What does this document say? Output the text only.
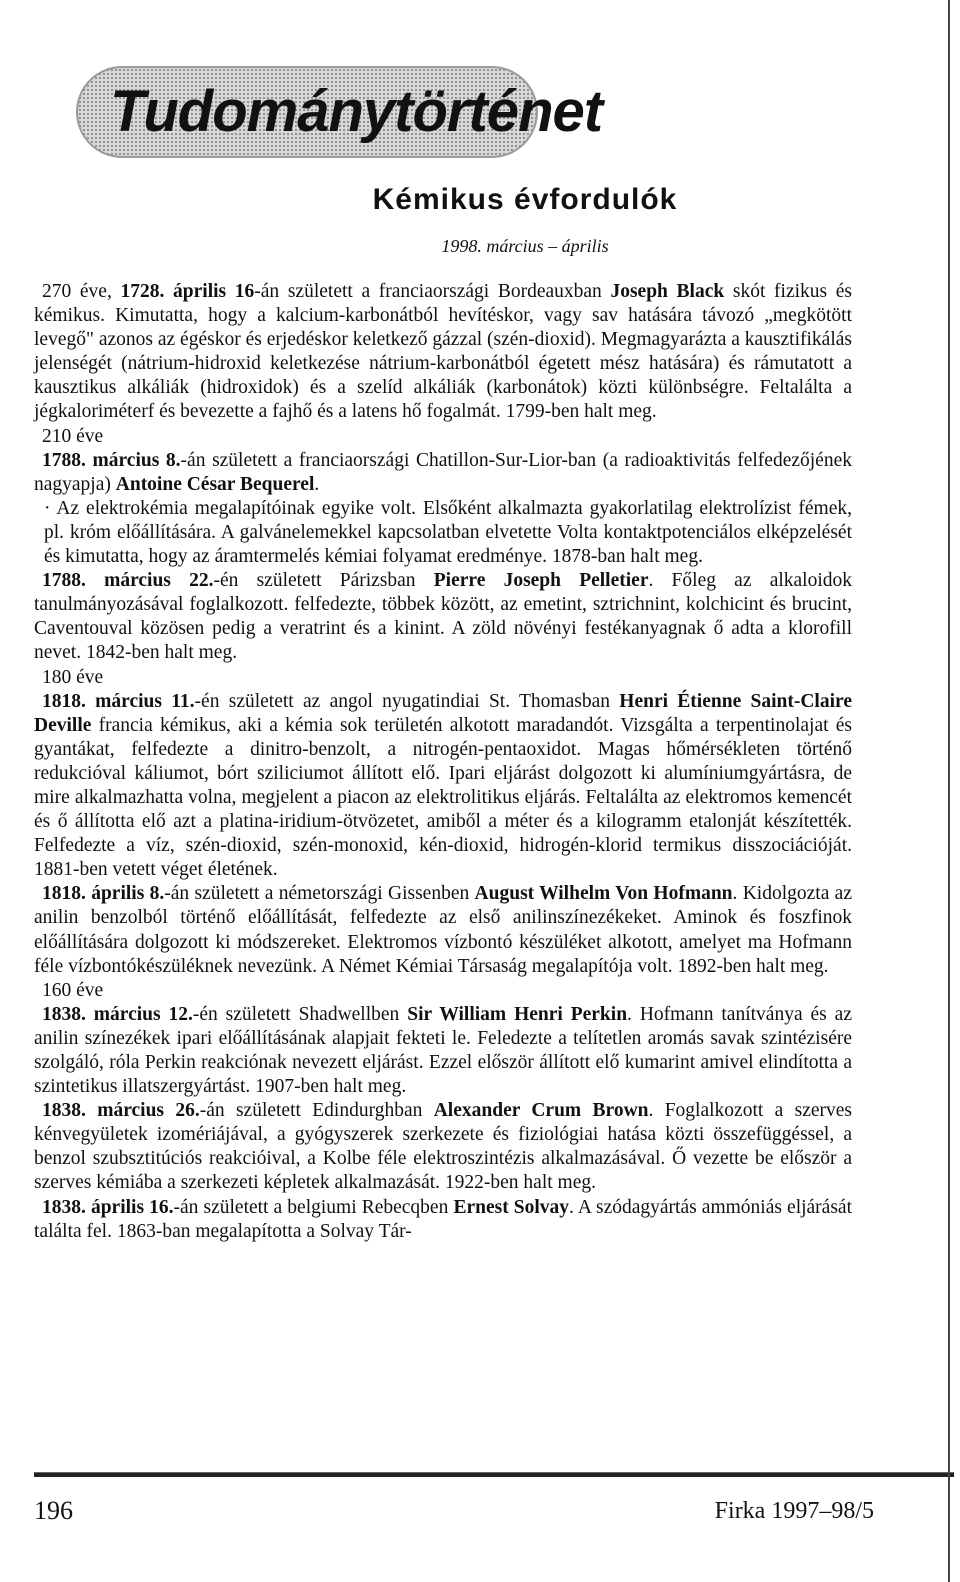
Tudománytörténet
Kémikus évfordulók
1998. március – április

270 éve, 1728. április 16-án született a franciaországi Bordeauxban Joseph Black skót fizikus és kémikus. Kimutatta, hogy a kalcium-karbonátból hevítéskor, vagy sav hatására távozó „megkötött levegő" azonos az égéskor és erjedéskor keletkező gázzal (szén-dioxid). Megmagyarázta a kausztifikálás jelenségét (nátrium-hidroxid keletkezése nátrium-karbonátból égetett mész hatására) és rámutatott a kausztikus alkáliák (hidroxidok) és a szelíd alkáliák (karbonátok) közti különbségre. Feltalálta a jégkaloriméterf és bevezette a fajhő és a latens hő fogalmát. 1799-ben halt meg.

210 éve

1788. március 8.-án született a franciaországi Chatillon-Sur-Lior-ban (a radioaktivitás felfedezőjének nagyapja) Antoine César Bequerel.

· Az elektrokémia megalapítóinak egyike volt. Elsőként alkalmazta gyakorlatilag elektrolízist fémek, pl. króm előállítására. A galvánelemekkel kapcsolatban elvetette Volta kontaktpotenciálos elképzelését és kimutatta, hogy az áramtermelés kémiai folyamat eredménye. 1878-ban halt meg.

1788. március 22.-én született Párizsban Pierre Joseph Pelletier. Főleg az alkaloidok tanulmányozásával foglalkozott. felfedezte, többek között, az emetint, sztrichnint, kolchicint és brucint, Caventouval közösen pedig a veratrint és a kinint. A zöld növényi festékanyagnak ő adta a klorofill nevet. 1842-ben halt meg.

180 éve

1818. március 11.-én született az angol nyugatindiai St. Thomasban Henri Étienne Saint-Claire Deville francia kémikus, aki a kémia sok területén alkotott maradandót. Vizsgálta a terpentinolajat és gyantákat, felfedezte a dinitro-benzolt, a nitrogén-pentaoxidot. Magas hőmérsékleten történő redukcióval káliumot, bórt sziliciumot állított elő. Ipari eljárást dolgozott ki alumíniumgyártásra, de mire alkalmazhatta volna, megjelent a piacon az elektrolitikus eljárás. Feltalálta az elektromos kemencét és ő állította elő azt a platina-iridium-ötvözetet, amiből a méter és a kilogramm etalonját készítették. Felfedezte a víz, szén-dioxid, szén-monoxid, kén-dioxid, hidrogén-klorid termikus disszociációját. 1881-ben vetett véget életének.

1818. április 8.-án született a németországi Gissenben August Wilhelm Von Hofmann. Kidolgozta az anilin benzolból történő előállítását, felfedezte az első anilinszínezékeket. Aminok és foszfinok előállítására dolgozott ki módszereket. Elektromos vízbontó készüléket alkotott, amelyet ma Hofmann féle vízbontókészüléknek nevezünk. A Német Kémiai Társaság megalapítója volt. 1892-ben halt meg.

160 éve

1838. március 12.-én született Shadwellben Sir William Henri Perkin. Hofmann tanítványa és az anilin színezékek ipari előállításának alapjait fekteti le. Feledezte a telítetlen aromás savak szintézisére szolgáló, róla Perkin reakciónak nevezett eljárást. Ezzel először állított elő kumarint amivel elindította a szintetikus illatszergyártást. 1907-ben halt meg.

1838. március 26.-án született Edindurghban Alexander Crum Brown. Foglalkozott a szerves kénvegyületek izomériájával, a gyógyszerek szerkezete és fiziológiai hatása közti összefüggéssel, a benzol szubsztitúciós reakcióival, a Kolbe féle elektroszintézis alkalmazásával. Ő vezette be először a szerves kémiába a szerkezeti képletek alkalmazását. 1922-ben halt meg.

1838. április 16.-án született a belgiumi Rebecqben Ernest Solvay. A szódagyártás ammóniás eljárását találta fel. 1863-ban megalapította a Solvay Tár-

196	Firka 1997–98/5
